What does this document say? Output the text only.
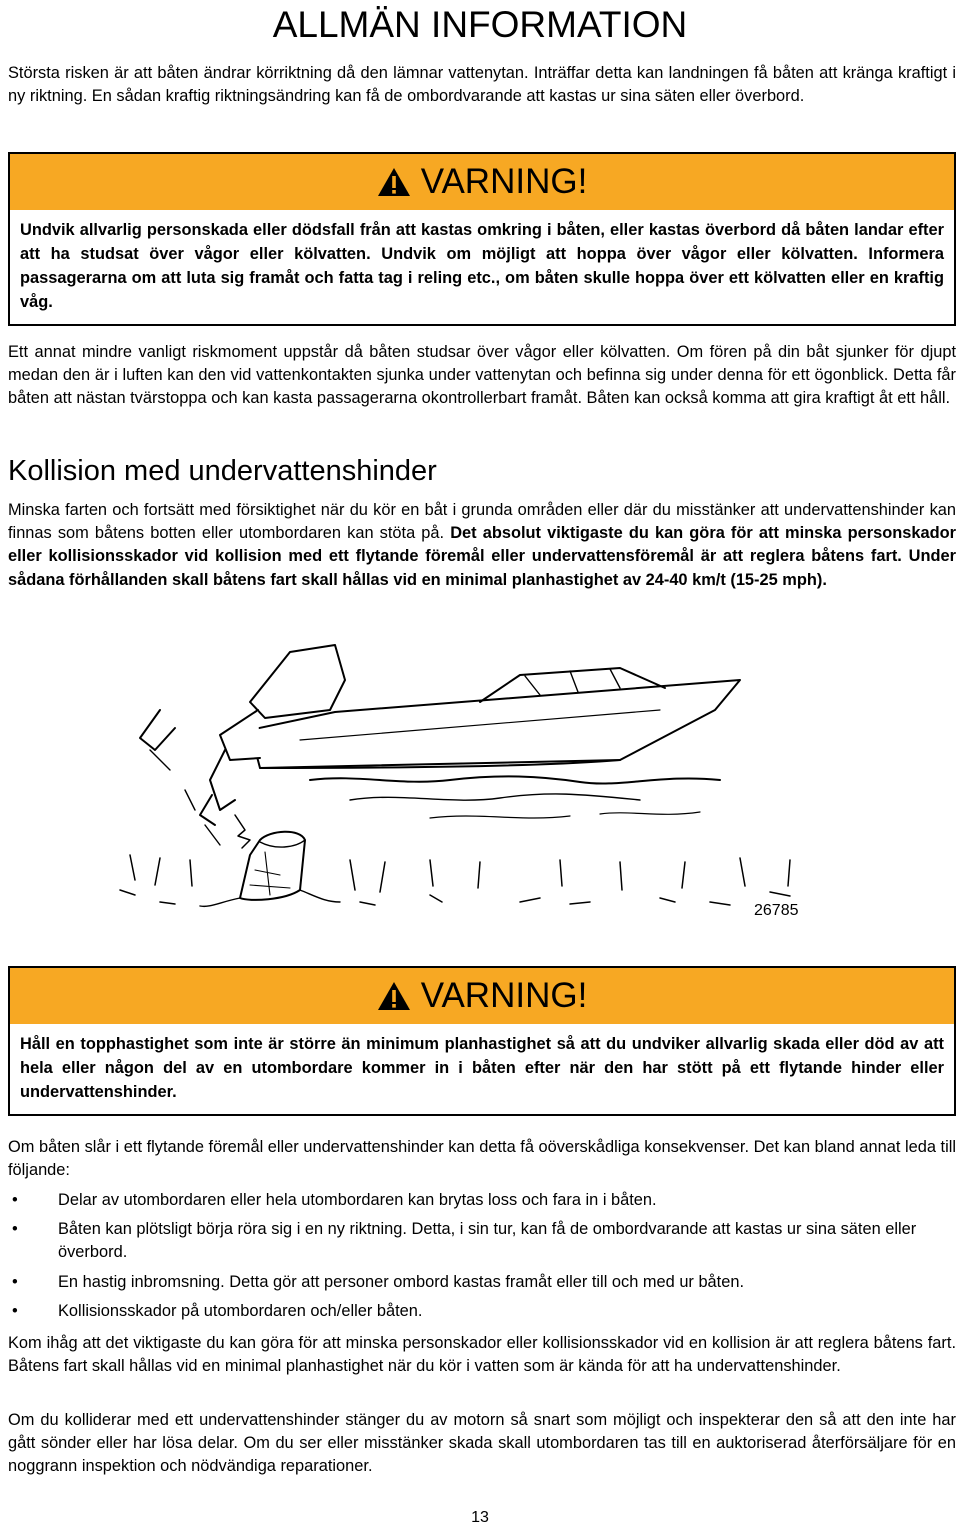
ALLMÄN INFORMATION
Största risken är att båten ändrar körriktning då den lämnar vattenytan. Inträffar detta kan landningen få båten att kränga kraftigt i ny riktning. En sådan kraftig riktningsändring kan få de ombordvarande att kastas ur sina säten eller överbord.
VARNING!
Undvik allvarlig personskada eller dödsfall från att kastas omkring i båten, eller kastas överbord då båten landar efter att ha studsat över vågor eller kölvatten. Undvik om möjligt att hoppa över vågor eller kölvatten. Informera passagerarna om att luta sig framåt och fatta tag i reling etc., om båten skulle hoppa över ett kölvatten eller en kraftig våg.
Ett annat mindre vanligt riskmoment uppstår då båten studsar över vågor eller kölvatten. Om fören på din båt sjunker för djupt medan den är i luften kan den vid vattenkontakten sjunka under vattenytan och befinna sig under denna för ett ögonblick. Detta får båten att nästan tvärstoppa och kan kasta passagerarna okontrollerbart framåt. Båten kan också komma att gira kraftigt åt ett håll.
Kollision med undervattenshinder
Minska farten och fortsätt med försiktighet när du kör en båt i grunda områden eller där du misstänker att undervattenshinder kan finnas som båtens botten eller utombordaren kan stöta på. Det absolut viktigaste du kan göra för att minska personskador eller kollisionsskador vid kollision med ett flytande föremål eller undervattensföremål är att reglera båtens fart. Under sådana förhållanden skall båtens fart skall hållas vid en minimal planhastighet av 24-40 km/t (15-25 mph).
26785
VARNING!
Håll en topphastighet som inte är större än minimum planhastighet så att du undviker allvarlig skada eller död av att hela eller någon del av en utombordare kommer in i båten efter när den har stött på ett flytande hinder eller undervattenshinder.
Om båten slår i ett flytande föremål eller undervattenshinder kan detta få oöverskådliga konsekvenser. Det kan bland annat leda till följande:
• Delar av utombordaren eller hela utombordaren kan brytas loss och fara in i båten.
• Båten kan plötsligt börja röra sig i en ny riktning. Detta, i sin tur, kan få de ombordvarande att kastas ur sina säten eller överbord.
• En hastig inbromsning. Detta gör att personer ombord kastas framåt eller till och med ur båten.
• Kollisionsskador på utombordaren och/eller båten.
Kom ihåg att det viktigaste du kan göra för att minska personskador eller kollisionsskador vid en kollision är att reglera båtens fart. Båtens fart skall hållas vid en minimal planhastighet när du kör i vatten som är kända för att ha undervattenshinder.
Om du kolliderar med ett undervattenshinder stänger du av motorn så snart som möjligt och inspekterar den så att den inte har gått sönder eller har lösa delar. Om du ser eller misstänker skada skall utombordaren tas till en auktoriserad återförsäljare för en noggrann inspektion och nödvändiga reparationer.
13
